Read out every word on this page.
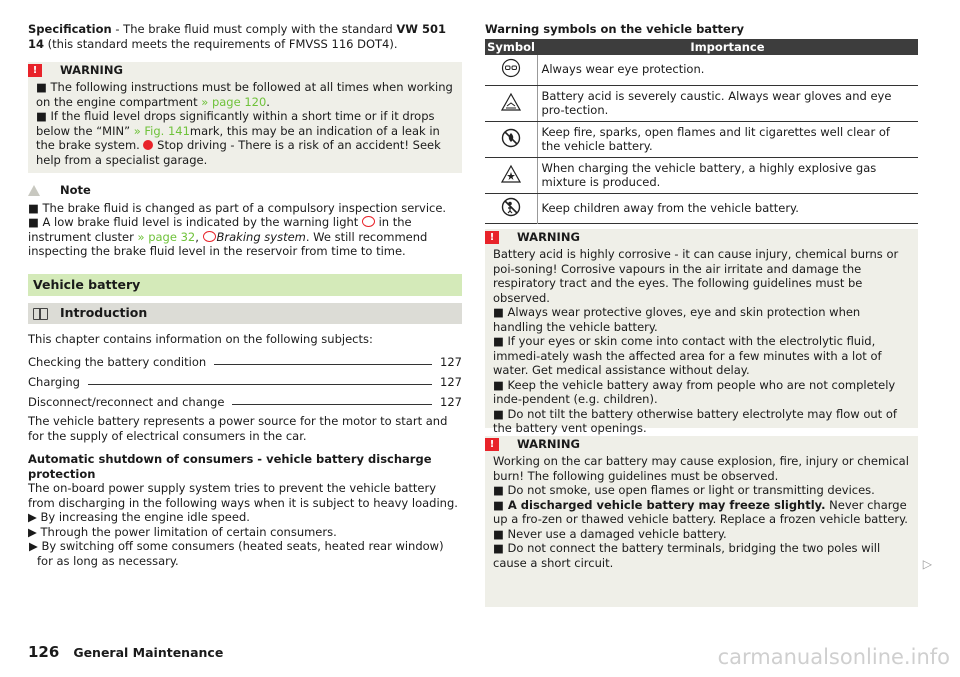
Specification - The brake fluid must comply with the standard VW 501 14 (this standard meets the requirements of FMVSS 116 DOT4).

!	WARNING

■ The following instructions must be followed at all times when working on the engine compartment » page 120.

■ If the fluid level drops significantly within a short time or if it drops below the “MIN” » Fig. 141mark, this may be an indication of a leak in the brake system.  Stop driving - There is a risk of an accident! Seek help from a specialist garage.

Note

■ The brake fluid is changed as part of a compulsory inspection service.

■ A low brake fluid level is indicated by the warning light  in the instrument cluster » page 32, Braking system. We still recommend inspecting the brake fluid level in the reservoir from time to time.

Vehicle battery
Introduction

This chapter contains information on the following subjects:

Checking the battery condition	127
Charging	127
Disconnect/reconnect and change	127

The vehicle battery represents a power source for the motor to start and for the supply of electrical consumers in the car.

Automatic shutdown of consumers - vehicle battery discharge protection

The on-board power supply system tries to prevent the vehicle battery from discharging in the following ways when it is subject to heavy loading.

▶ By increasing the engine idle speed.

▶ Through the power limitation of certain consumers.

▶ By switching off some consumers (heated seats, heated rear window) for as long as necessary.

Warning symbols on the vehicle battery

Symbol	Importance
	Always wear eye protection.
	Battery acid is severely caustic. Always wear gloves and eye pro-tection.
	Keep fire, sparks, open flames and lit cigarettes well clear of the vehicle battery.
	When charging the vehicle battery, a highly explosive gas mixture is produced.
	Keep children away from the vehicle battery.
!	WARNING

Battery acid is highly corrosive - it can cause injury, chemical burns or poi-soning! Corrosive vapours in the air irritate and damage the respiratory tract and the eyes. The following guidelines must be observed.

■ Always wear protective gloves, eye and skin protection when handling the vehicle battery.

■ If your eyes or skin come into contact with the electrolytic fluid, immedi-ately wash the affected area for a few minutes with a lot of water. Get medical assistance without delay.

■ Keep the vehicle battery away from people who are not completely inde-pendent (e.g. children).

■ Do not tilt the battery otherwise battery electrolyte may flow out of the battery vent openings.

!	WARNING

Working on the car battery may cause explosion, fire, injury or chemical burn! The following guidelines must be observed.

■ Do not smoke, use open flames or light or transmitting devices.

■ A discharged vehicle battery may freeze slightly. Never charge up a fro-zen or thawed vehicle battery. Replace a frozen vehicle battery.

■ Never use a damaged vehicle battery.

■ Do not connect the battery terminals, bridging the two poles will cause a short circuit.	▷
126 General Maintenance	carmanualsonline.info
